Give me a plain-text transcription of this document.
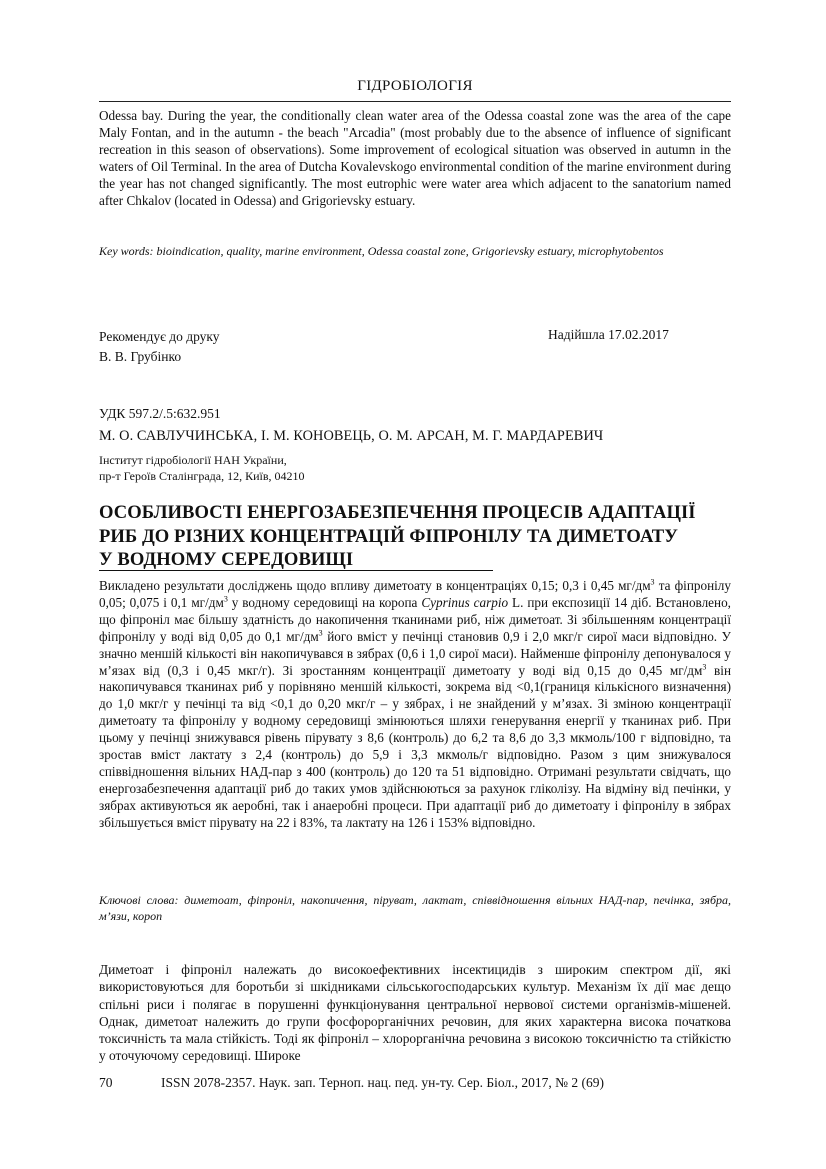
ГІДРОБІОЛОГІЯ

Odessa bay. During the year, the conditionally clean water area of the Odessa coastal zone was the area of the cape Maly Fontan, and in the autumn - the beach "Arcadia" (most probably due to the absence of influence of significant recreation in this season of observations). Some improvement of ecological situation was observed in autumn in the waters of Oil Terminal. In the area of Dutcha Kovalevskogo environmental condition of the marine environment during the year has not changed significantly. The most eutrophic were water area which adjacent to the sanatorium named after Chkalov (located in Odessa) and Grigorievsky estuary.

Key words: bioindication, quality, marine environment, Odessa coastal zone, Grigorievsky estuary, microphytobentos

Рекомендує до друку
В. В. Грубінко
Надійшла 17.02.2017
УДК 597.2/.5:632.951
М. О. САВЛУЧИНСЬКА, І. М. КОНОВЕЦЬ, О. М. АРСАН, М. Г. МАРДАРЕВИЧ
Інститут гідробіології НАН України,
пр-т Героїв Сталінграда, 12, Київ, 04210
ОСОБЛИВОСТІ ЕНЕРГОЗАБЕЗПЕЧЕННЯ ПРОЦЕСІВ АДАПТАЦІЇ
РИБ ДО РІЗНИХ КОНЦЕНТРАЦІЙ ФІПРОНІЛУ ТА ДИМЕТОАТУ
У ВОДНОМУ СЕРЕДОВИЩІ

Викладено результати досліджень щодо впливу диметоату в концентраціях 0,15; 0,3 і 0,45 $мг/дм^3$ та фіпронілу 0,05; 0,075 і 0,1 $мг/дм^3$ у водному середовищі на коропа Cyprinus carpio L. при експозиції 14 діб. Встановлено, що фіпроніл має більшу здатність до накопичення тканинами риб, ніж диметоат. Зі збільшенням концентрації фіпронілу у воді від 0,05 до 0,1 $мг/дм^3$ його вміст у печінці становив 0,9 і 2,0 мкг/г сирої маси відповідно. У значно меншій кількості він накопичувався в зябрах (0,6 і 1,0 сирої маси). Найменше фіпронілу депонувалося у м’язах від (0,3 і 0,45 мкг/г). Зі зростанням концентрації диметоату у воді від 0,15 до 0,45 $мг/дм^3$ він накопичувався тканинах риб у порівняно меншій кількості, зокрема від <0,1(границя кількісного визначення) до 1,0 мкг/г у печінці та від <0,1 до 0,20 мкг/г – у зябрах, і не знайдений у м’язах. Зі зміною концентрації диметоату та фіпронілу у водному середовищі змінюються шляхи генерування енергії у тканинах риб. При цьому у печінці знижувався рівень пірувату з 8,6 (контроль) до 6,2 та 8,6 до 3,3 мкмоль/100 г відповідно, та зростав вміст лактату з 2,4 (контроль) до 5,9 і 3,3 мкмоль/г відповідно. Разом з цим знижувалося співвідношення вільних НАД-пар з 400 (контроль) до 120 та 51 відповідно. Отримані результати свідчать, що енергозабезпечення адаптації риб до таких умов здійснюються за рахунок гліколізу. На відміну від печінки, у зябрах активуються як аеробні, так і анаеробні процеси. При адаптації риб до диметоату і фіпронілу в зябрах збільшується вміст пірувату на 22 і 83%, та лактату на 126 і 153% відповідно.

Ключові слова: диметоат, фіпроніл, накопичення, піруват, лактат, співвідношення вільних НАД-пар, печінка, зябра, м’язи, короп

Диметоат і фіпроніл належать до високоефективних інсектицидів з широким спектром дії, які використовуються для боротьби зі шкідниками сільськогосподарських культур. Механізм їх дії має дещо спільні риси і полягає в порушенні функціонування центральної нервової системи організмів-мішеней. Однак, диметоат належить до групи фосфорорганічних речовин, для яких характерна висока початкова токсичність та мала стійкість. Тоді як фіпроніл – хлорорганічна речовина з високою токсичністю та стійкістю у оточуючому середовищі. Широке

70	ISSN 2078-2357. Наук. зап. Терноп. нац. пед. ун-ту. Сер. Біол., 2017, № 2 (69)
